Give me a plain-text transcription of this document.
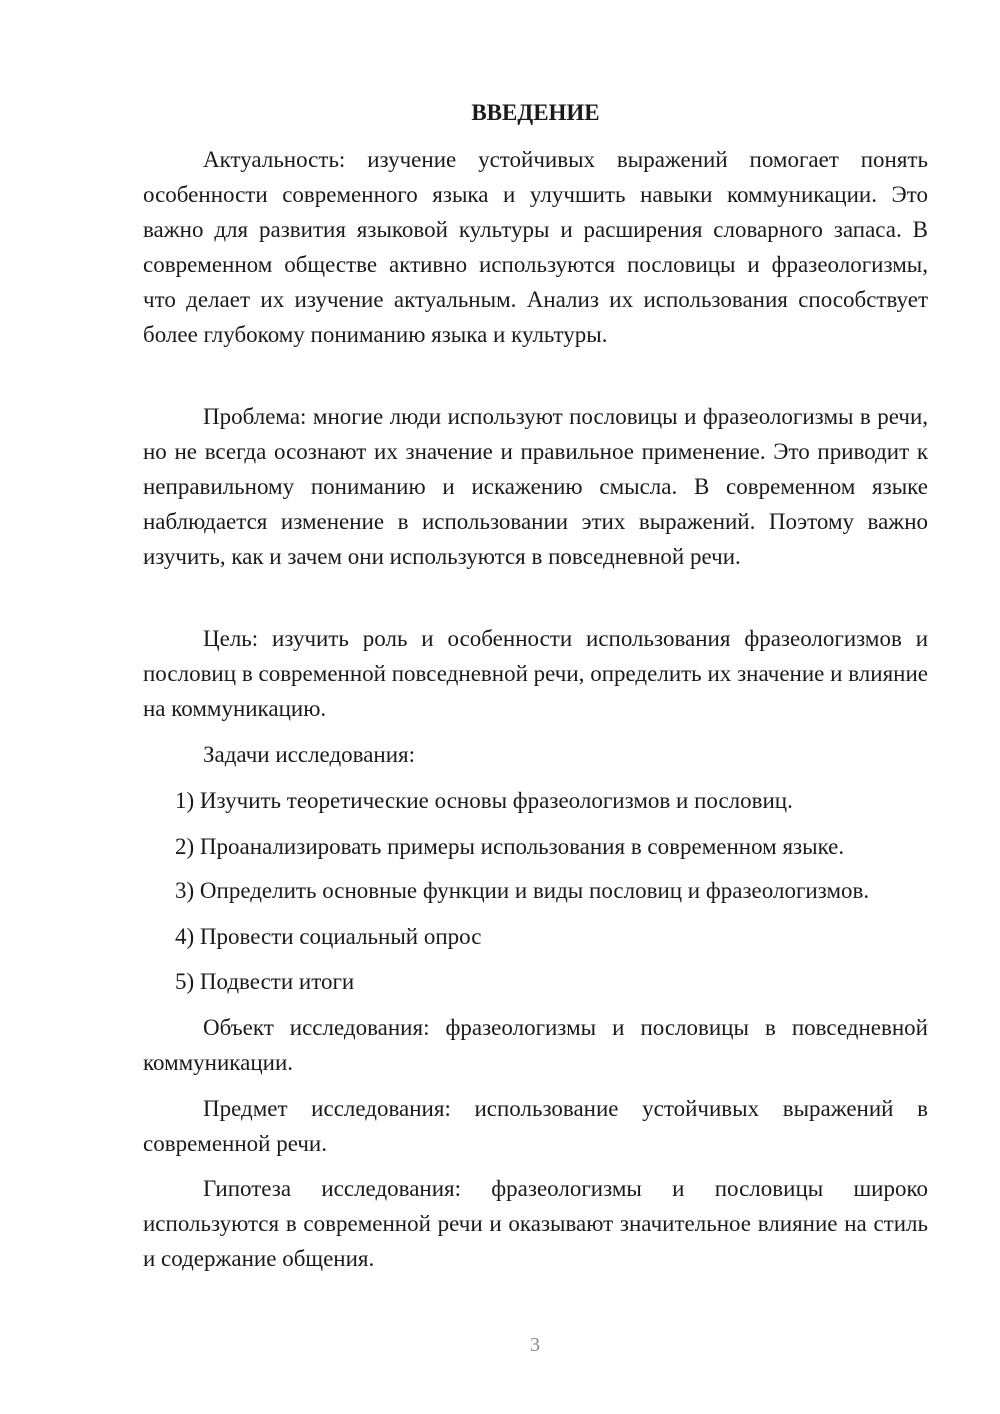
ВВЕДЕНИЕ

Актуальность: изучение устойчивых выражений помогает понять особенности современного языка и улучшить навыки коммуникации. Это важно для развития языковой культуры и расширения словарного запаса. В современном обществе активно используются пословицы и фразеологизмы, что делает их изучение актуальным. Анализ их использования способствует более глубокому пониманию языка и культуры.

Проблема: многие люди используют пословицы и фразеологизмы в речи, но не всегда осознают их значение и правильное применение. Это приводит к неправильному пониманию и искажению смысла. В современном языке наблюдается изменение в использовании этих выражений. Поэтому важно изучить, как и зачем они используются в повседневной речи.

Цель: изучить роль и особенности использования фразеологизмов и пословиц в современной повседневной речи, определить их значение и влияние на коммуникацию.

Задачи исследования:

1) Изучить теоретические основы фразеологизмов и пословиц.

2) Проанализировать примеры использования в современном языке.

3) Определить основные функции и виды пословиц и фразеологизмов.

4) Провести социальный опрос

5) Подвести итоги

Объект исследования: фразеологизмы и пословицы в повседневной коммуникации.

Предмет исследования: использование устойчивых выражений в современной речи.

Гипотеза исследования: фразеологизмы и пословицы широко используются в современной речи и оказывают значительное влияние на стиль и содержание общения.

3
